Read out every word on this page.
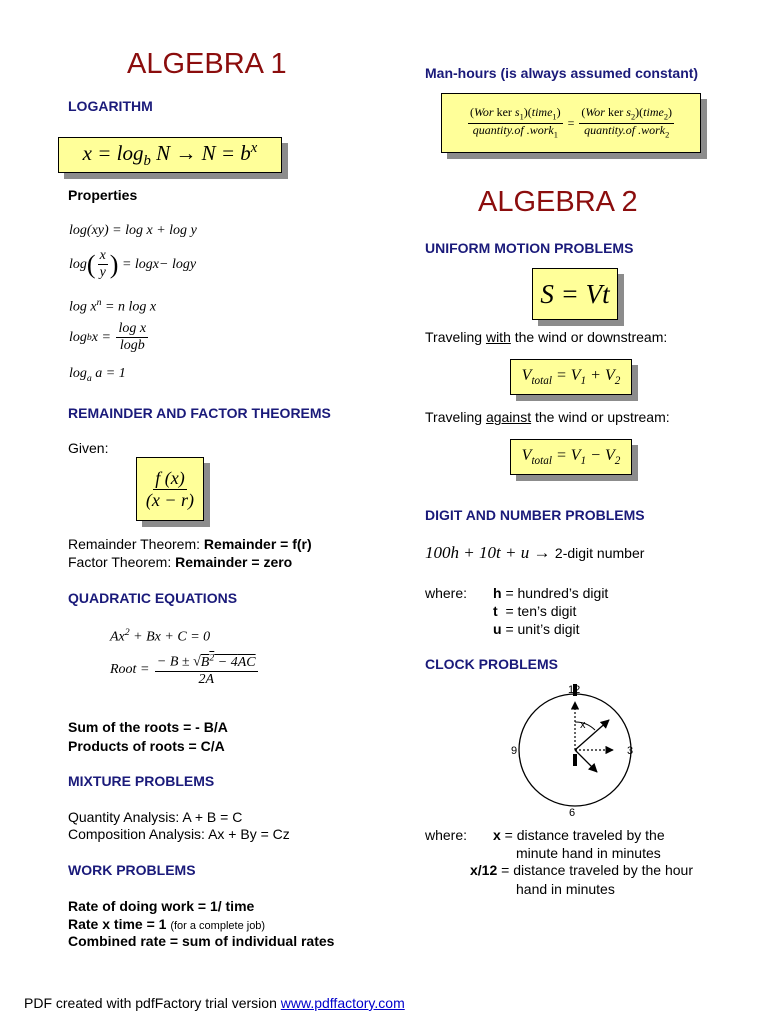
ALGEBRA 1
LOGARITHM
$x = \log_b N \to N = b^x$
Properties
log(xy) = log x + log y
log ( $\frac{x}{y}$ ) = log x − log y
$\log x^n = n$ log x
log b $x = \frac{\text{log x}}{\log b}$
$\log_a a = 1$
REMAINDER AND FACTOR THEOREMS
Given:
$\frac{f (x)}{(x - r)}$
Remainder Theorem: Remainder = f(r)
Factor Theorem: Remainder = zero
QUADRATIC EQUATIONS
$Ax^2 + Bx + C = 0$
Root = $\frac{- B \pm √B^2 - 4AC}{2A}$
Sum of the roots = - B/A
Products of roots = C/A
MIXTURE PROBLEMS
Quantity Analysis: A + B = C
Composition Analysis: Ax + By = Cz
WORK PROBLEMS
Rate of doing work = 1/ time
Rate x time = 1 (for a complete job)
Combined rate = sum of individual rates
Man-hours (is always assumed constant)
$\frac{(Wor ker s_1)(time_1)}{quantity.of .work_1} = \frac{(Wor ker s_2)(time_2)}{quantity.of .work_2}$
ALGEBRA 2
UNIFORM MOTION PROBLEMS
S = Vt
Traveling with the wind or downstream:
$V_{total} = V_1 + V_2$
Traveling against the wind or upstream:
$V_{total} = V_1 - V_2$
DIGIT AND NUMBER PROBLEMS
100h + 10t + u → 2-digit number
where: h = hundred’s digit
t  = ten’s digit
u = unit’s digit
CLOCK PROBLEMS
x
12
3
6
9
where: x = distance traveled by the
minute hand in minutes
x/12 = distance traveled by the hour
hand in minutes
PDF created with pdfFactory trial version www.pdffactory.com
